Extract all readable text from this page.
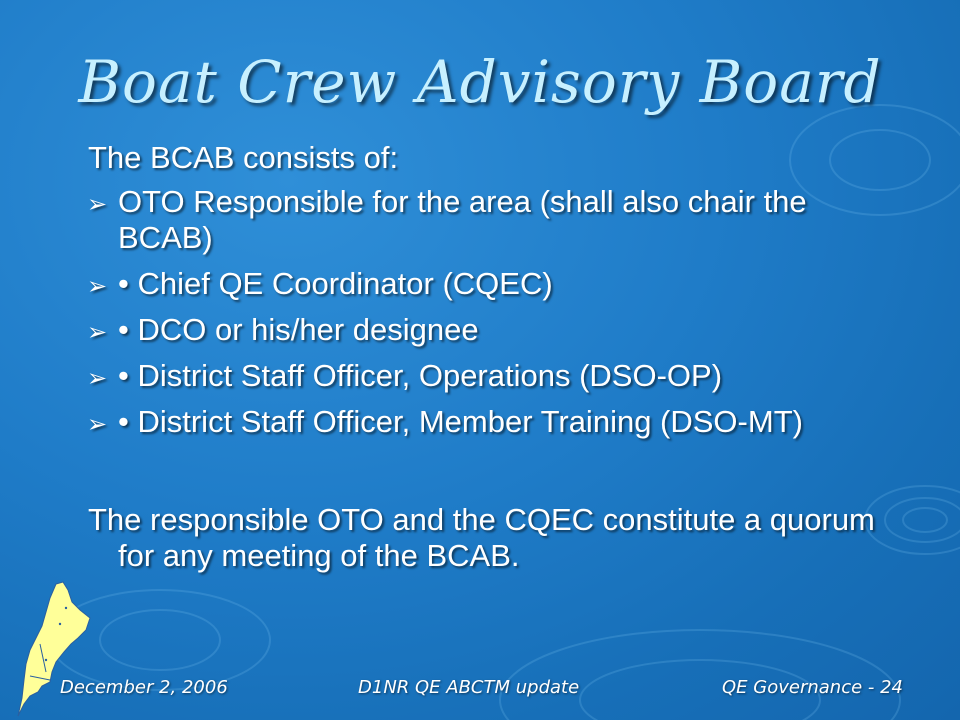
Boat Crew Advisory Board
The BCAB consists of:
➢ OTO Responsible for the area (shall also chair the BCAB)
➢ • Chief QE Coordinator (CQEC)
➢ • DCO or his/her designee
➢ • District Staff Officer, Operations (DSO-OP)
➢ • District Staff Officer, Member Training (DSO-MT)
The responsible OTO and the CQEC constitute a quorum for any meeting of the BCAB.
December 2, 2006	D1NR QE ABCTM update	QE Governance - 24
